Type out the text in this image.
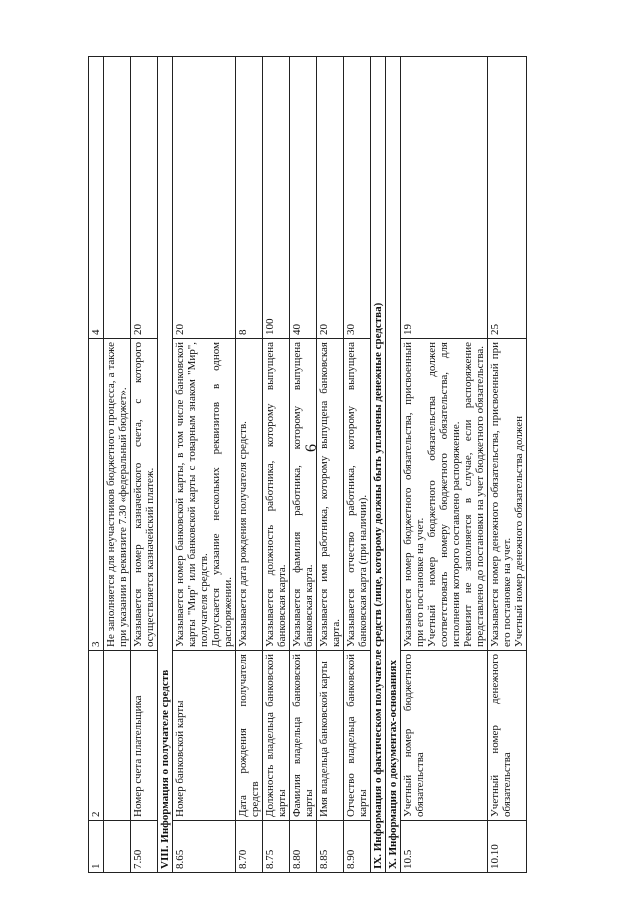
6
1	2	3	4

		Не заполняется для неучастников бюджетного процесса, а также при указании в реквизите 7.30 «федеральный бюджет».	

7.50	Номер счета плательщика	Указывается номер казначейского счета, с которого осуществляется казначейский платеж.	20
VIII. Информация о получателе средств			
8.65	Номер банковской карты	Указывается номер банковской карты, в том числе банковской карты "Мир" или банковской карты с товарным знаком "Мир", получателя средств. Допускается указание нескольких реквизитов в одном распоряжении.	20
8.70	Дата рождения получателя средств	Указывается дата рождения получателя средств.	8
8.75	Должность владельца банковской карты	Указывается должность работника, которому выпущена банковская карта.	100
8.80	Фамилия владельца банковской карты	Указывается фамилия работника, которому выпущена банковская карта.	40
8.85	Имя владельца банковской карты	Указывается имя работника, которому выпущена банковская карта.	20
8.90	Отчество владельца банковской карты	Указывается отчество работника, которому выпущена банковская карта (при наличии).	30
IX. Информация о фактическом получателе средств (лице, которому должны быть уплачены денежные средства)			
X. Информация о документах-основаниях			
10.5	Учетный номер бюджетного обязательства	Указывается номер бюджетного обязательства, присвоенный при его постановке на учет. Учетный номер бюджетного обязательства должен соответствовать номеру бюджетного обязательства, для исполнения которого составлено распоряжение. Реквизит не заполняется в случае, если распоряжение представлено до постановки на учет бюджетного обязательства.	19
10.10	Учетный номер денежного обязательства	Указывается номер денежного обязательства, присвоенный при его постановке на учет. Учетный номер денежного обязательства должен	25
